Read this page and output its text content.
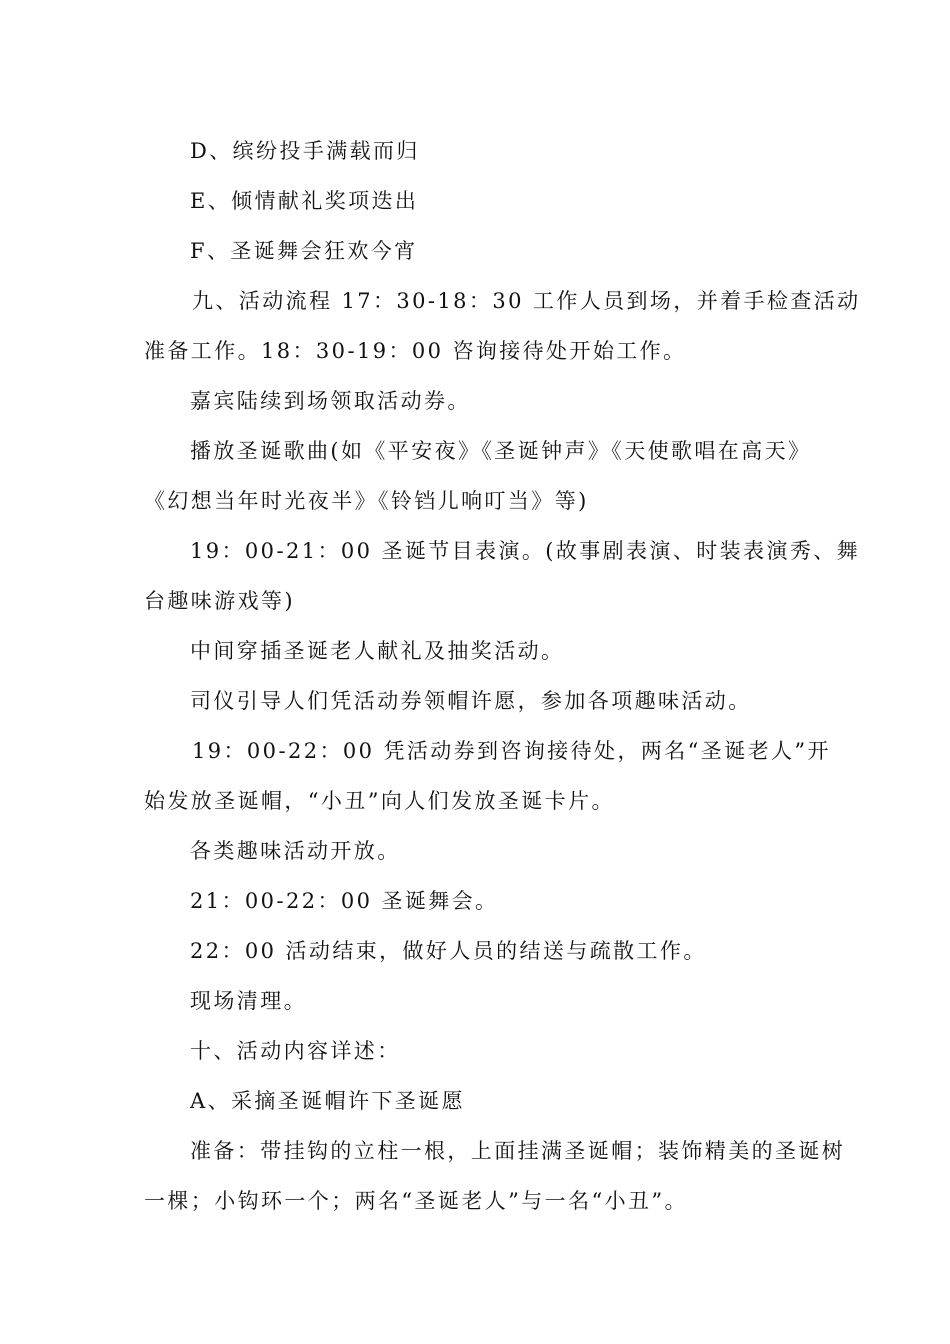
D、缤纷投手满载而归
E、倾情献礼奖项迭出
F、圣诞舞会狂欢今宵
九、活动流程 17：30-18：30 工作人员到场，并着手检查活动
准备工作。18：30-19：00 咨询接待处开始工作。
嘉宾陆续到场领取活动券。
播放圣诞歌曲(如《平安夜》《圣诞钟声》《天使歌唱在高天》
《幻想当年时光夜半》《铃铛儿响叮当》等)
19：00-21：00 圣诞节目表演。(故事剧表演、时装表演秀、舞
台趣味游戏等)
中间穿插圣诞老人献礼及抽奖活动。
司仪引导人们凭活动券领帽许愿，参加各项趣味活动。
19：00-22：00 凭活动券到咨询接待处，两名“圣诞老人”开
始发放圣诞帽，“小丑”向人们发放圣诞卡片。
各类趣味活动开放。
21：00-22：00 圣诞舞会。
22：00 活动结束，做好人员的结送与疏散工作。
现场清理。
十、活动内容详述：
A、采摘圣诞帽许下圣诞愿
准备：带挂钩的立柱一根，上面挂满圣诞帽；装饰精美的圣诞树
一棵；小钩环一个；两名“圣诞老人”与一名“小丑”。
